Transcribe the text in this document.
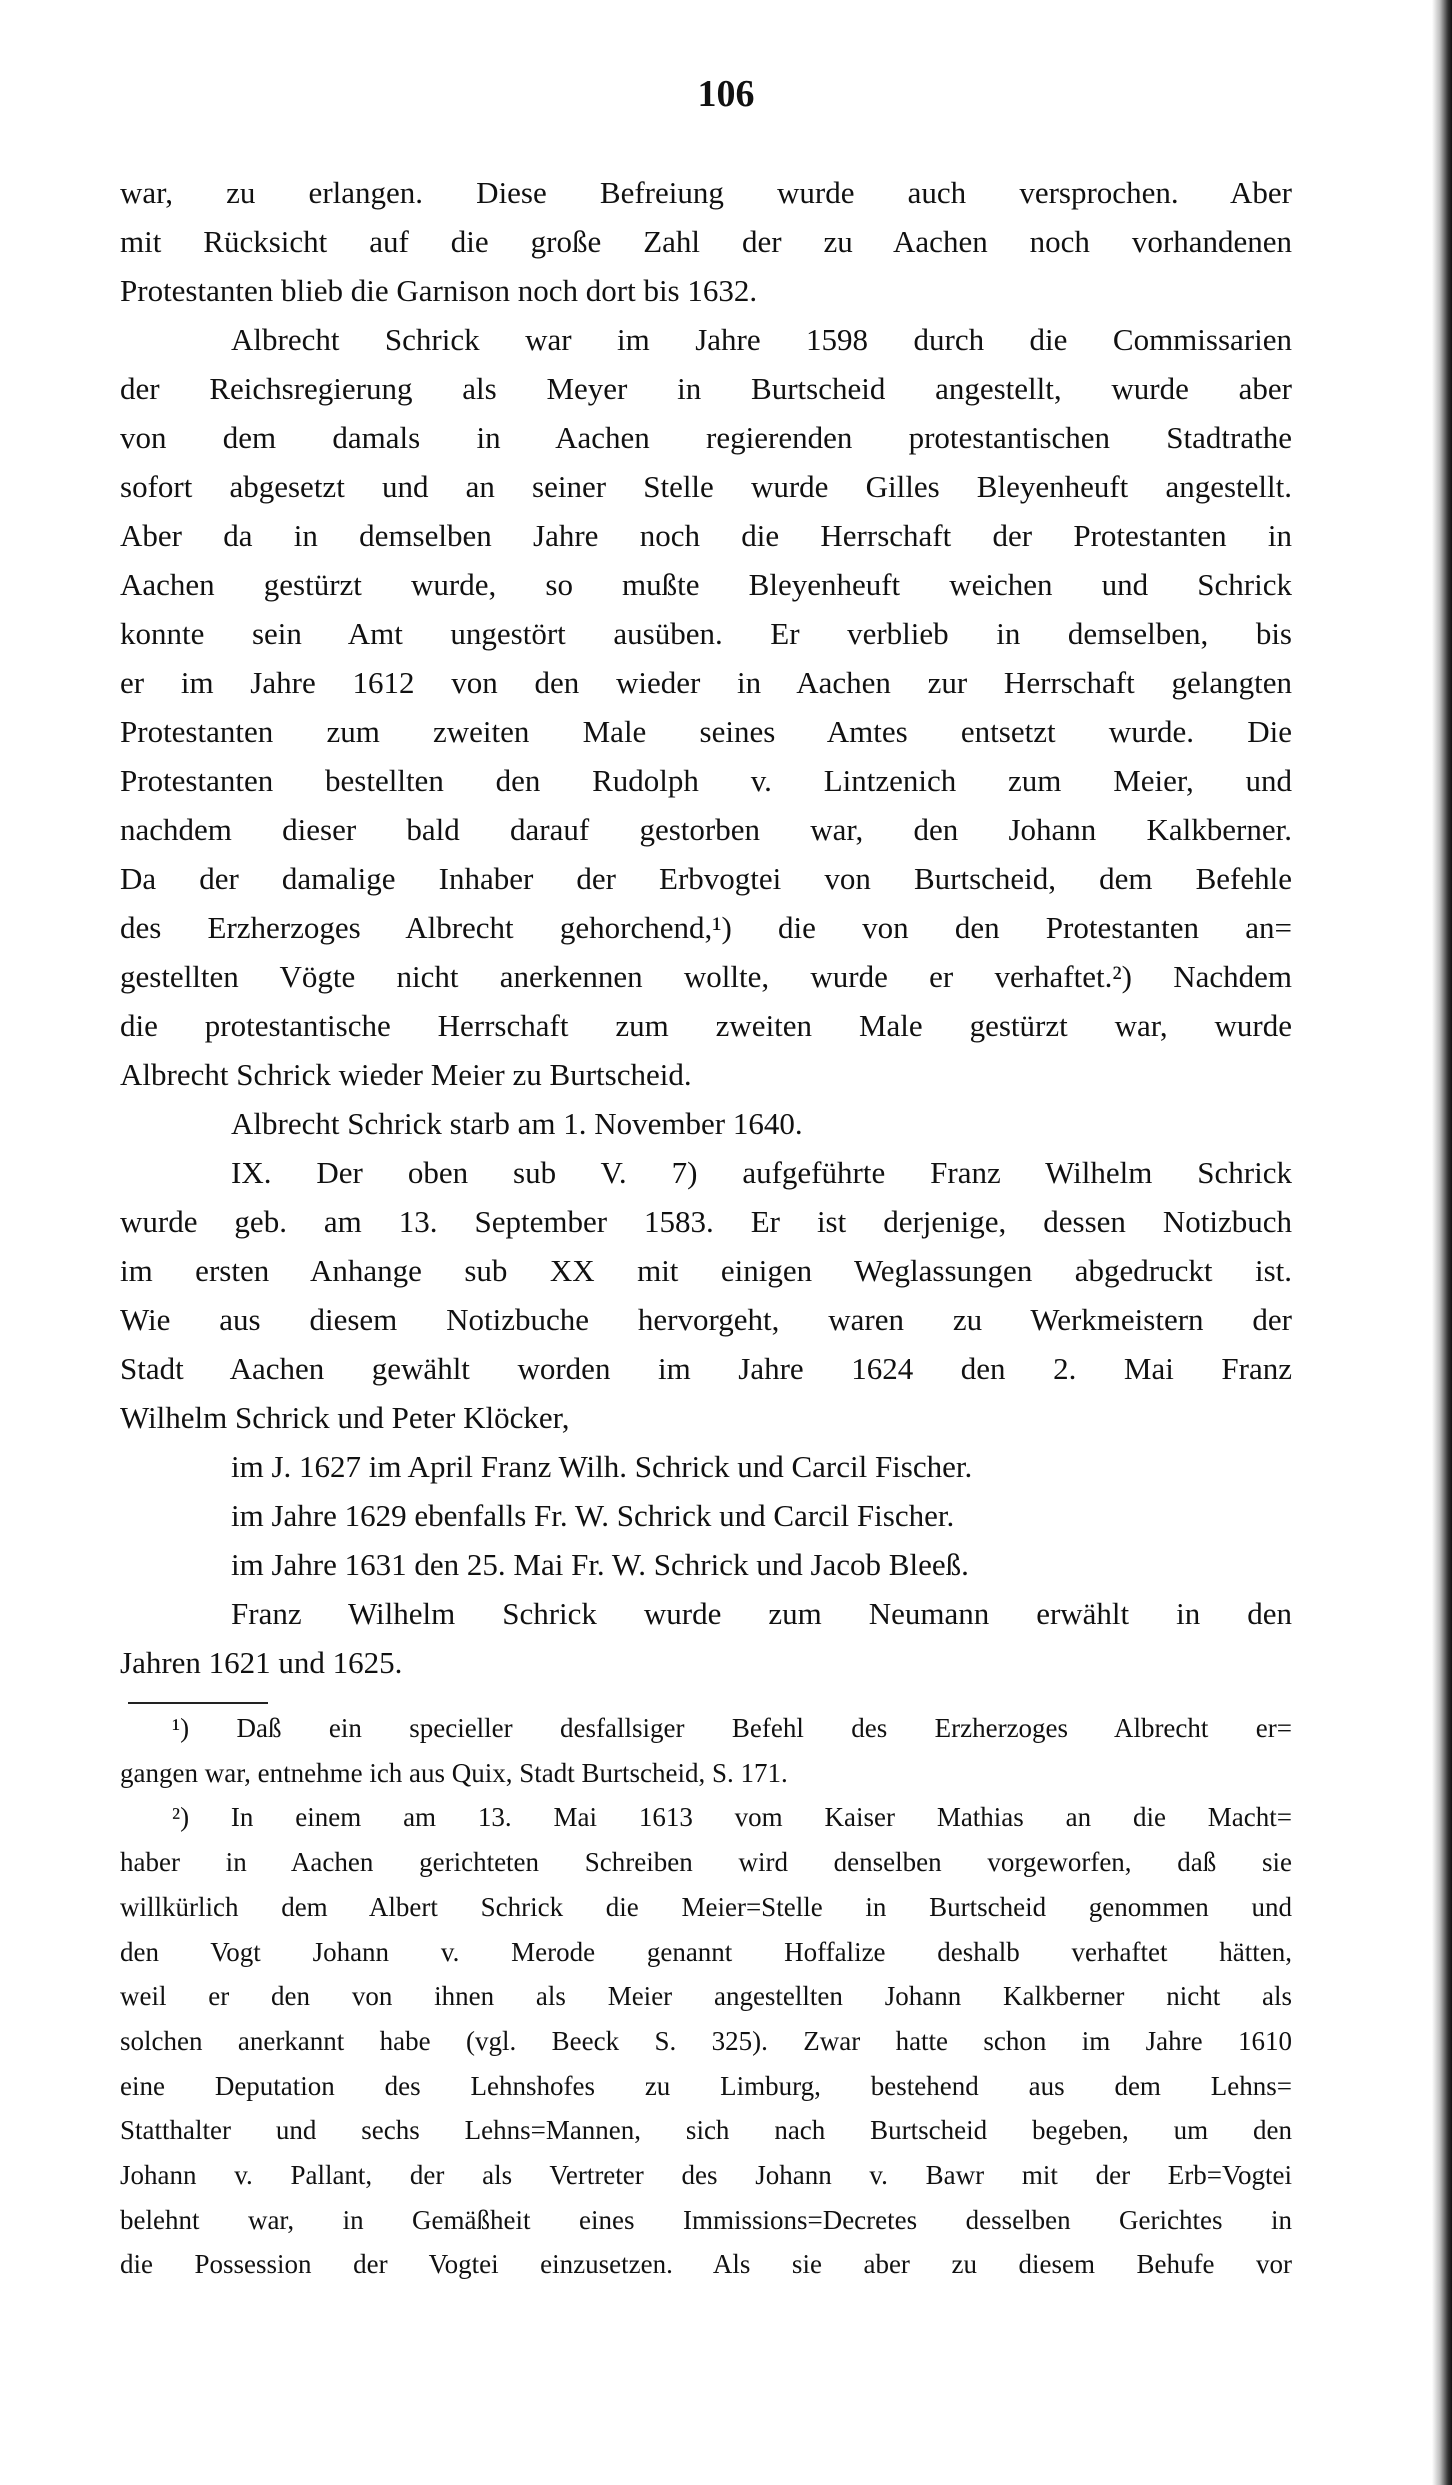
106
war, zu erlangen. Diese Befreiung wurde auch versprochen. Aber
mit Rücksicht auf die große Zahl der zu Aachen noch vorhandenen
Protestanten blieb die Garnison noch dort bis 1632.
Albrecht Schrick war im Jahre 1598 durch die Commissarien
der Reichsregierung als Meyer in Burtscheid angestellt, wurde aber
von dem damals in Aachen regierenden protestantischen Stadtrathe
sofort abgesetzt und an seiner Stelle wurde Gilles Bleyenheuft angestellt.
Aber da in demselben Jahre noch die Herrschaft der Protestanten in
Aachen gestürzt wurde, so mußte Bleyenheuft weichen und Schrick
konnte sein Amt ungestört ausüben. Er verblieb in demselben, bis
er im Jahre 1612 von den wieder in Aachen zur Herrschaft gelangten
Protestanten zum zweiten Male seines Amtes entsetzt wurde. Die
Protestanten bestellten den Rudolph v. Lintzenich zum Meier, und
nachdem dieser bald darauf gestorben war, den Johann Kalkberner.
Da der damalige Inhaber der Erbvogtei von Burtscheid, dem Befehle
des Erzherzoges Albrecht gehorchend,¹) die von den Protestanten an=
gestellten Vögte nicht anerkennen wollte, wurde er verhaftet.²) Nachdem
die protestantische Herrschaft zum zweiten Male gestürzt war, wurde
Albrecht Schrick wieder Meier zu Burtscheid.
Albrecht Schrick starb am 1. November 1640.
IX. Der oben sub V. 7) aufgeführte Franz Wilhelm Schrick
wurde geb. am 13. September 1583. Er ist derjenige, dessen Notizbuch
im ersten Anhange sub XX mit einigen Weglassungen abgedruckt ist.
Wie aus diesem Notizbuche hervorgeht, waren zu Werkmeistern der
Stadt Aachen gewählt worden im Jahre 1624 den 2. Mai Franz
Wilhelm Schrick und Peter Klöcker,
im J. 1627 im April Franz Wilh. Schrick und Carcil Fischer.
im Jahre 1629 ebenfalls Fr. W. Schrick und Carcil Fischer.
im Jahre 1631 den 25. Mai Fr. W. Schrick und Jacob Bleeß.
Franz Wilhelm Schrick wurde zum Neumann erwählt in den
Jahren 1621 und 1625.
¹) Daß ein specieller desfallsiger Befehl des Erzherzoges Albrecht er=
gangen war, entnehme ich aus Quix, Stadt Burtscheid, S. 171.
²) In einem am 13. Mai 1613 vom Kaiser Mathias an die Macht=
haber in Aachen gerichteten Schreiben wird denselben vorgeworfen, daß sie
willkürlich dem Albert Schrick die Meier=Stelle in Burtscheid genommen und
den Vogt Johann v. Merode genannt Hoffalize deshalb verhaftet hätten,
weil er den von ihnen als Meier angestellten Johann Kalkberner nicht als
solchen anerkannt habe (vgl. Beeck S. 325). Zwar hatte schon im Jahre 1610
eine Deputation des Lehnshofes zu Limburg, bestehend aus dem Lehns=
Statthalter und sechs Lehns=Mannen, sich nach Burtscheid begeben, um den
Johann v. Pallant, der als Vertreter des Johann v. Bawr mit der Erb=Vogtei
belehnt war, in Gemäßheit eines Immissions=Decretes desselben Gerichtes in
die Possession der Vogtei einzusetzen. Als sie aber zu diesem Behufe vor
